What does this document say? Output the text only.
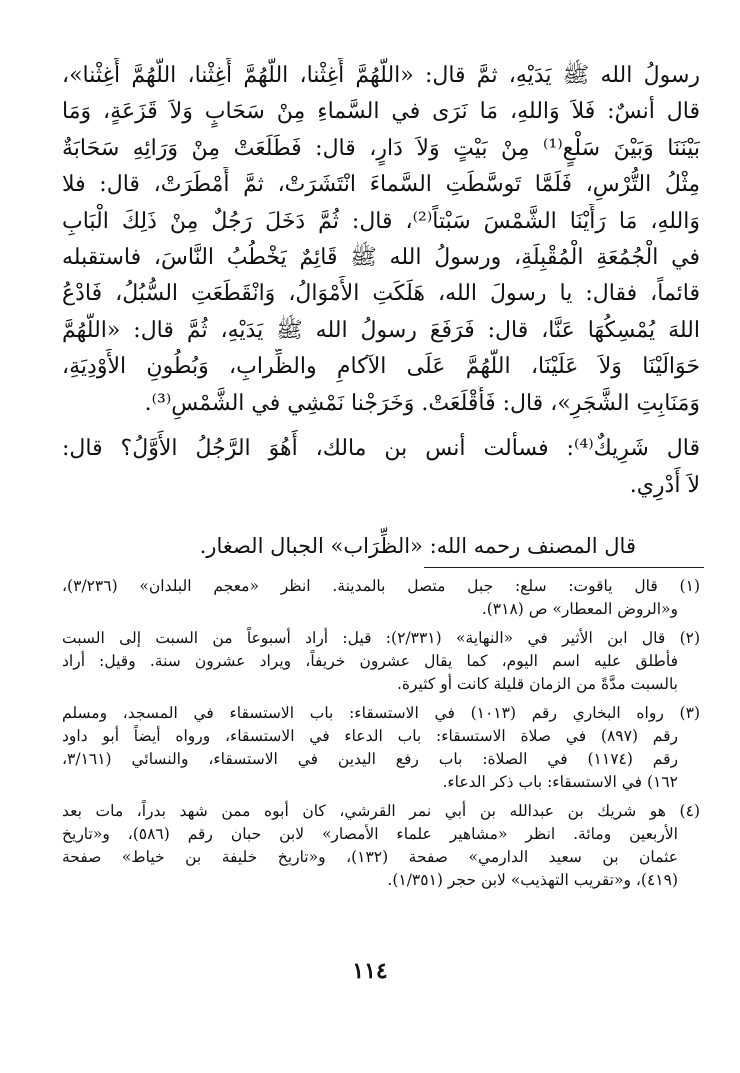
رسولُ الله ﷺ يَدَيْهِ، ثمَّ قال: «اللَّهُمَّ أَغِثْنا، اللَّهُمَّ أَغِثْنا، اللَّهُمَّ أَغِثْنا»،
قال أنسٌ: فَلاَ وَاللهِ، مَا نَرَى في السَّماءِ مِنْ سَحَابٍ وَلاَ قَزَعَةٍ، وَمَا
بَيْنَنَا وَبَيْنَ سَلْعٍ⁽¹⁾ مِنْ بَيْتٍ وَلاَ دَارٍ، قال: فَطَلَعَتْ مِنْ وَرَائِهِ سَحَابَةٌ
مِثْلُ التُّرْسِ، فَلَمَّا تَوسَّطَتِ السَّماءَ انْتَشَرَتْ، ثمَّ أَمْطَرَتْ، قال: فلا
وَاللهِ، مَا رَأَيْنَا الشَّمْسَ سَبْتاً⁽²⁾، قال: ثُمَّ دَخَلَ رَجُلٌ مِنْ ذَلِكَ الْبَابِ
في الْجُمُعَةِ الْمُقْبِلَةِ، ورسولُ الله ﷺ قَائِمٌ يَخْطُبُ النَّاسَ، فاستقبله
قائماً، فقال: يا رسولَ الله، هَلَكَتِ الأَمْوَالُ، وَانْقَطَعَتِ السُّبُلُ، فَادْعُ
اللهَ يُمْسِكُهَا عَنَّا، قال: فَرَفَعَ رسولُ الله ﷺ يَدَيْهِ، ثُمَّ قال: «اللَّهُمَّ
حَوَالَيْنَا وَلاَ عَلَيْنَا، اللَّهُمَّ عَلَى الآكامِ والظِّرابِ، وَبُطُونِ الأَوْدِيَةِ،
وَمَنَابِتِ الشَّجَرِ»، قال: فَأَقْلَعَتْ. وَخَرَجْنا نَمْشِي في الشَّمْسِ⁽³⁾.
قال شَرِيكٌ⁽⁴⁾: فسألت أنس بن مالك، أَهُوَ الرَّجُلُ الأَوَّلُ؟ قال:
لاَ أَدْرِي.
قال المصنف رحمه الله: «الظِّرَاب» الجبال الصغار.
(١) قال ياقوت: سلع: جبل متصل بالمدينة. انظر «معجم البلدان» (٣/٢٣٦)،
و«الروض المعطار» ص (٣١٨).
(٢) قال ابن الأثير في «النهاية» (٢/٣٣١): قيل: أراد أسبوعاً من السبت إلى السبت
فأطلق عليه اسم اليوم، كما يقال عشرون خريفاً، ويراد عشرون سنة. وقيل: أراد
بالسبت مدَّةً من الزمان قليلة كانت أو كثيرة.
(٣) رواه البخاري رقم (١٠١٣) في الاستسقاء: باب الاستسقاء في المسجد، ومسلم
رقم (٨٩٧) في صلاة الاستسقاء: باب الدعاء في الاستسقاء، ورواه أيضاً أبو داود
رقم (١١٧٤) في الصلاة: باب رفع اليدين في الاستسقاء، والنسائي (٣/١٦١،
١٦٢) في الاستسقاء: باب ذكر الدعاء.
(٤) هو شريك بن عبدالله بن أبي نمر القرشي، كان أبوه ممن شهد بدراً، مات بعد
الأربعين ومائة. انظر «مشاهير علماء الأمصار» لابن حبان رقم (٥٨٦)، و«تاريخ
عثمان بن سعيد الدارمي» صفحة (١٣٢)، و«تاريخ خليفة بن خياط» صفحة
(٤١٩)، و«تقريب التهذيب» لابن حجر (١/٣٥١).
١١٤
